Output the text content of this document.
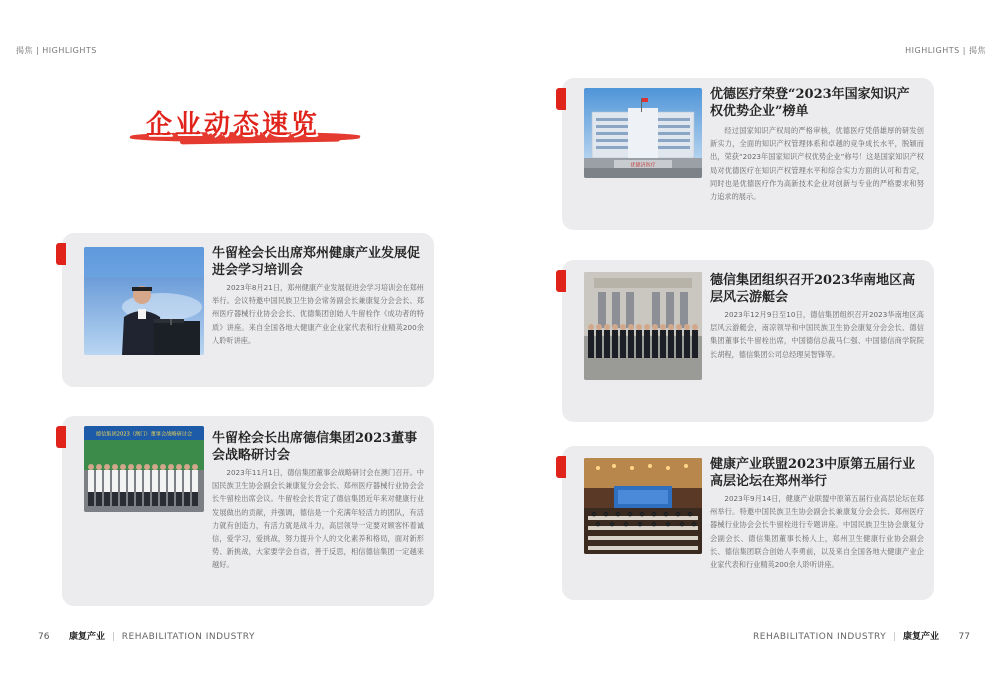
揭焦 | HIGHLIGHTS	HIGHLIGHTS | 揭焦
企业动态速览
优德济医疗
优德医疗荣登“2023年国家知识产权优势企业”榜单
经过国家知识产权局的严格审核，优德医疗凭借雄厚的研发创新实力，全面的知识产权管理体系和卓越的竞争成长水平，脱颖而出，荣获“2023年国家知识产权优势企业”称号！这是国家知识产权局对优德医疗在知识产权管理水平和综合实力方面的认可和肯定，同时也是优德医疗作为高新技术企业对创新与专业的严格要求和努力追求的展示。
牛留栓会长出席郑州健康产业发展促进会学习培训会
2023年8月21日，郑州健康产业发展促进会学习培训会在郑州举行。会议特邀中国民族卫生协会常务副会长兼康复分会会长、郑州医疗器械行业协会会长、优德集团创始人牛留栓作《成功者的特质》讲座。来自全国各地大健康产业企业家代表和行业精英200余人聆听讲座。
德信集团组织召开2023华南地区高层风云游艇会
2023年12月9日至10日，德信集团组织召开2023华南地区高层风云游艇会，南凉领导和中国民族卫生协会康复分会会长、德信集团董事长牛留栓出席，中国德信总裁马仁强、中国德信商学院院长胡程，德信集团公司总经理吴智锋等。
德信集团2023（澳门）董事会战略研讨会 牛留栓会长出席德信集团2023董事会战略研讨会
2023年11月1日，德信集团董事会战略研讨会在澳门召开。中国民族卫生协会副会长兼康复分会会长、郑州医疗器械行业协会会长牛留栓出席会议。牛留栓会长肯定了德信集团近年来对健康行业发展做出的贡献，并强调，德信是一个充满年轻活力的团队，有活力就有创造力，有活力就是战斗力，高层领导一定要对顾客怀着诚信，爱学习，爱挑战，努力提升个人的文化素养和格局，面对新形势、新挑战，大家要学会自省，善于反思，相信德信集团一定越来越好。
健康产业联盟2023中原第五届行业高层论坛在郑州举行
2023年9月14日，健康产业联盟中原第五届行业高层论坛在郑州举行。特邀中国民族卫生协会副会长兼康复分会会长、郑州医疗器械行业协会会长牛留栓进行专题讲座。中国民族卫生协会康复分会副会长、德信集团董事长杨人上，郑州卫生健康行业协会副会长、德信集团联合创始人李勇前，以及来自全国各地大健康产业企业家代表和行业精英200余人聆听讲座。
76 康复产业 | REHABILITATION INDUSTRY	REHABILITATION INDUSTRY | 康复产业 77
